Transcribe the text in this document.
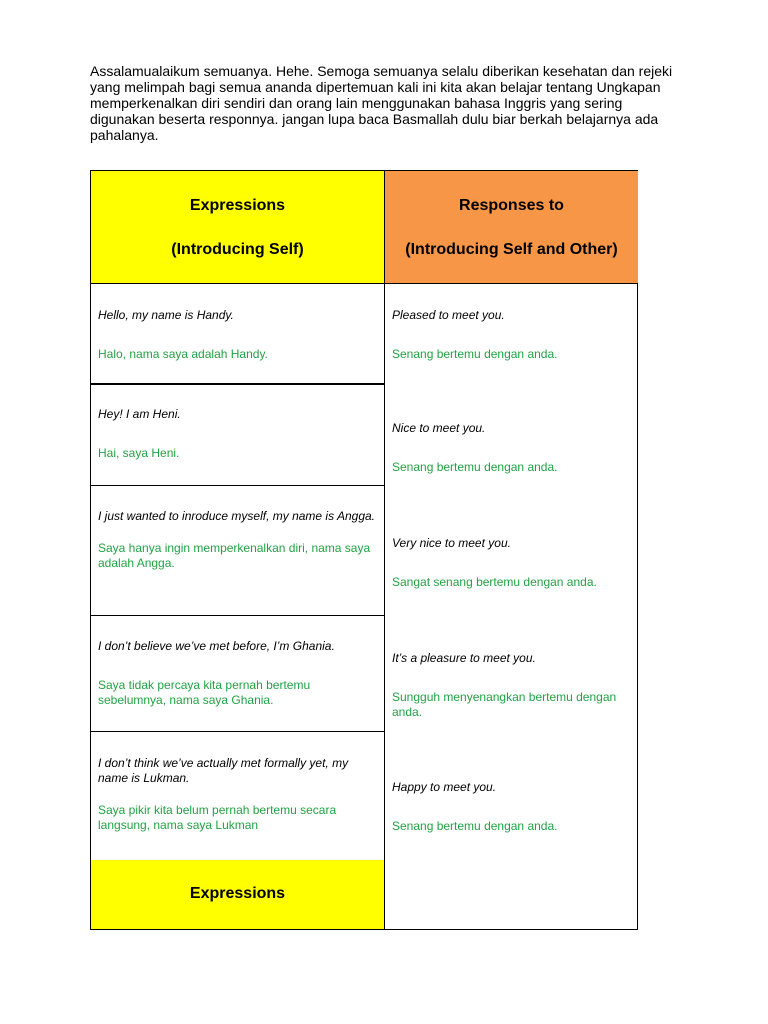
Assalamualaikum semuanya. Hehe. Semoga semuanya selalu diberikan kesehatan dan rejeki yang melimpah bagi semua ananda dipertemuan kali ini kita akan belajar tentang Ungkapan memperkenalkan diri sendiri dan orang lain menggunakan bahasa Inggris yang sering digunakan beserta responnya. jangan lupa baca Basmallah dulu biar berkah belajarnya ada pahalanya.

Expressions
(Introducing Self)
Responses to
(Introducing Self and Other)

Hello, my name is Handy.

Halo, nama saya adalah Handy.

Hey! I am Heni.

Hai, saya Heni.

I just wanted to inroduce myself, my name is Angga.

Saya hanya ingin memperkenalkan diri, nama saya adalah Angga.

I don’t believe we’ve met before, I’m Ghania.

Saya tidak percaya kita pernah bertemu sebelumnya, nama saya Ghania.

I don’t think we’ve actually met formally yet, my name is Lukman.

Saya pikir kita belum pernah bertemu secara langsung, nama saya Lukman

Expressions

Pleased to meet you.

Senang bertemu dengan anda.

Nice to meet you.

Senang bertemu dengan anda.

Very nice to meet you.

Sangat senang bertemu dengan anda.

It’s a pleasure to meet you.

Sungguh menyenangkan bertemu dengan anda.

Happy to meet you.

Senang bertemu dengan anda.
